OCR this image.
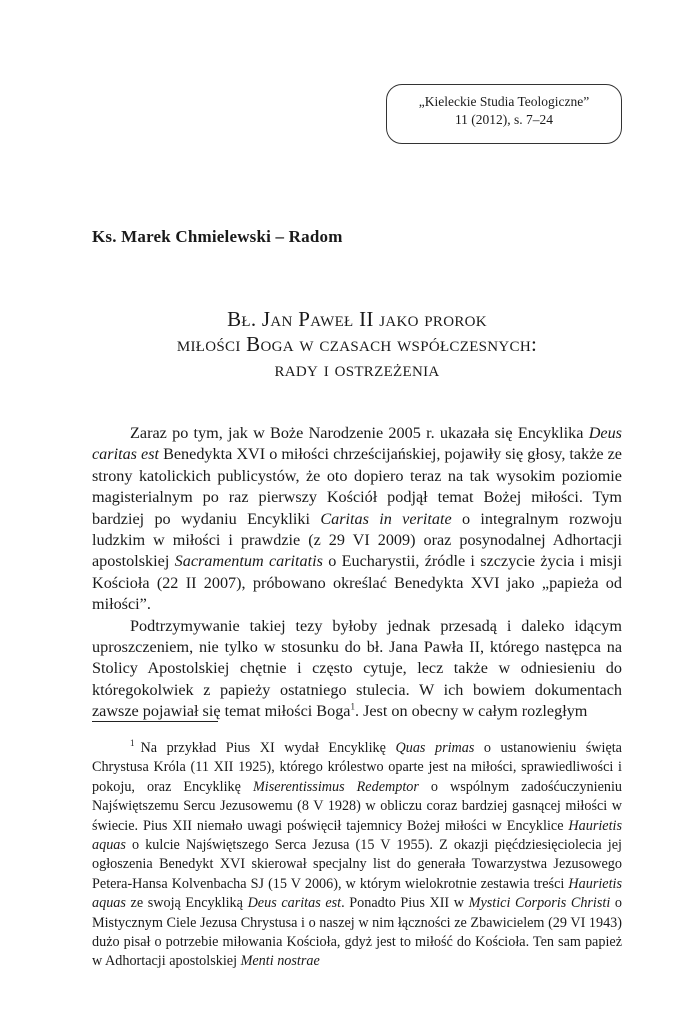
„Kieleckie Studia Teologiczne”
11 (2012), s. 7–24
Ks. Marek Chmielewski – Radom
Bł. Jan Paweł II jako prorok
miłości Boga w czasach współczesnych:
rady i ostrzeżenia

Zaraz po tym, jak w Boże Narodzenie 2005 r. ukazała się Encyklika Deus caritas est Benedykta XVI o miłości chrześcijańskiej, pojawiły się głosy, także ze strony katolickich publicystów, że oto dopiero teraz na tak wysokim poziomie magisterialnym po raz pierwszy Kościół podjął temat Bożej miłości. Tym bardziej po wydaniu Encykliki Caritas in veritate o integralnym rozwoju ludzkim w miłości i prawdzie (z 29 VI 2009) oraz posynodalnej Adhortacji apostolskiej Sacramentum caritatis o Eucharystii, źródle i szczycie życia i misji Kościoła (22 II 2007), próbowano określać Benedykta XVI jako „papieża od miłości”.

Podtrzymywanie takiej tezy byłoby jednak przesadą i daleko idącym uproszczeniem, nie tylko w stosunku do bł. Jana Pawła II, którego następca na Stolicy Apostolskiej chętnie i często cytuje, lecz także w odniesieniu do któregokolwiek z papieży ostatniego stulecia. W ich bowiem dokumentach zawsze pojawiał się temat miłości Boga$^1$. Jest on obecny w całym rozległym

$^1$ Na przykład Pius XI wydał Encyklikę Quas primas o ustanowieniu święta Chrystusa Króla (11 XII 1925), którego królestwo oparte jest na miłości, sprawiedliwości i pokoju, oraz Encyklikę Miserentissimus Redemptor o wspólnym zadośćuczynieniu Najświętszemu Sercu Jezusowemu (8 V 1928) w obliczu coraz bardziej gasnącej miłości w świecie. Pius XII niemało uwagi poświęcił tajemnicy Bożej miłości w Encyklice Haurietis aquas o kulcie Najświętszego Serca Jezusa (15 V 1955). Z okazji pięćdziesięciolecia jej ogłoszenia Benedykt XVI skierował specjalny list do generała Towarzystwa Jezusowego Petera-Hansa Kolvenbacha SJ (15 V 2006), w którym wielokrotnie zestawia treści Haurietis aquas ze swoją Encykliką Deus caritas est. Ponadto Pius XII w Mystici Corporis Christi o Mistycznym Ciele Jezusa Chrystusa i o naszej w nim łączności ze Zbawicielem (29 VI 1943) dużo pisał o potrzebie miłowania Kościoła, gdyż jest to miłość do Kościoła. Ten sam papież w Adhortacji apostolskiej Menti nostrae
